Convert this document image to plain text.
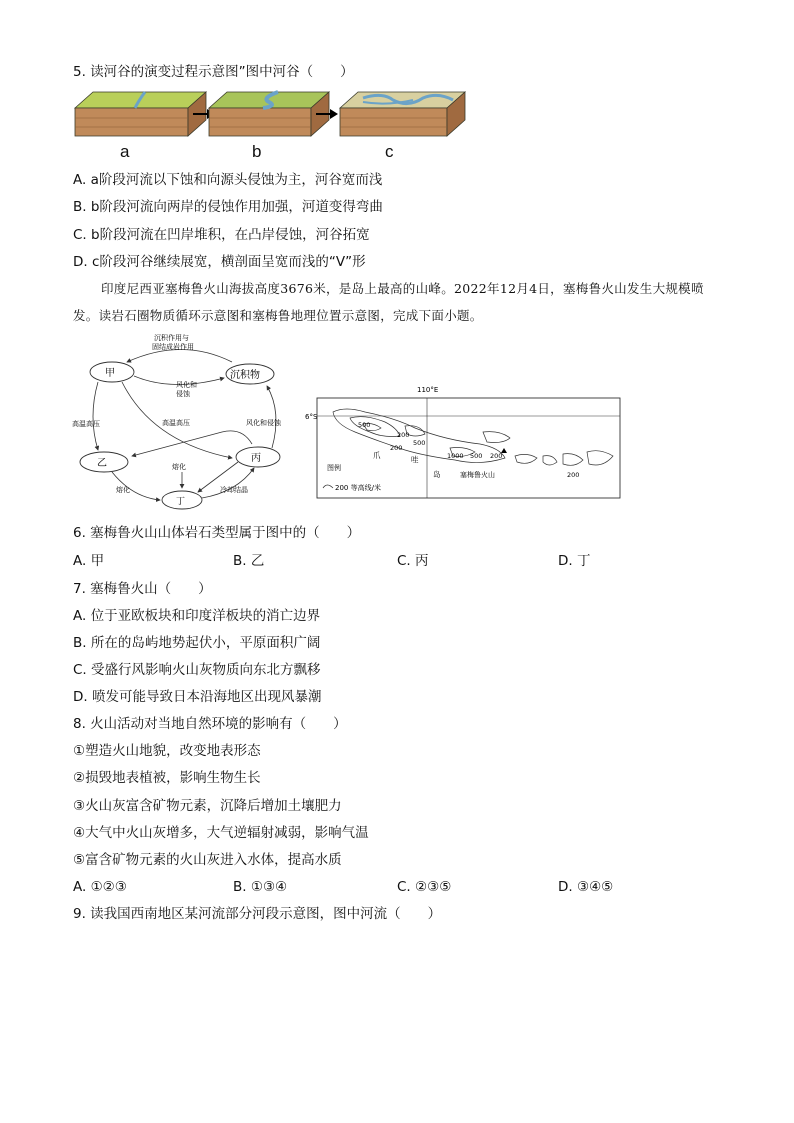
5. 读河谷的演变过程示意图”图中河谷（　　）
a	b	c
A. a阶段河流以下蚀和向源头侵蚀为主，河谷宽而浅
B. b阶段河流向两岸的侵蚀作用加强，河道变得弯曲
C. b阶段河流在凹岸堆积，在凸岸侵蚀，河谷拓宽
D. c阶段河谷继续展宽，横剖面呈宽而浅的“V”形
印度尼西亚塞梅鲁火山海拔高度3676米，是岛上最高的山峰。2022年12月4日，塞梅鲁火山发生大规模喷发。读岩石圈物质循环示意图和塞梅鲁地理位置示意图，完成下面小题。
甲	沉积物
乙	丙
丁
沉积作用与
固结成岩作用
风化和
侵蚀
高温高压	高温高压	风化和侵蚀
熔化
熔化	冷却结晶
110°E
6°S
500
200
200
500
1000 500 200
200
爪	哇
岛	塞梅鲁火山
图例
200 等高线/米
6. 塞梅鲁火山山体岩石类型属于图中的（　　）
A. 甲	B. 乙	C. 丙	D. 丁
7. 塞梅鲁火山（　　）
A. 位于亚欧板块和印度洋板块的消亡边界
B. 所在的岛屿地势起伏小，平原面积广阔
C. 受盛行风影响火山灰物质向东北方飘移
D. 喷发可能导致日本沿海地区出现风暴潮
8. 火山活动对当地自然环境的影响有（　　）
①塑造火山地貌，改变地表形态
②损毁地表植被，影响生物生长
③火山灰富含矿物元素，沉降后增加土壤肥力
④大气中火山灰增多，大气逆辐射减弱，影响气温
⑤富含矿物元素的火山灰进入水体，提高水质
A. ①②③	B. ①③④	C. ②③⑤	D. ③④⑤
9. 读我国西南地区某河流部分河段示意图，图中河流（　　）
